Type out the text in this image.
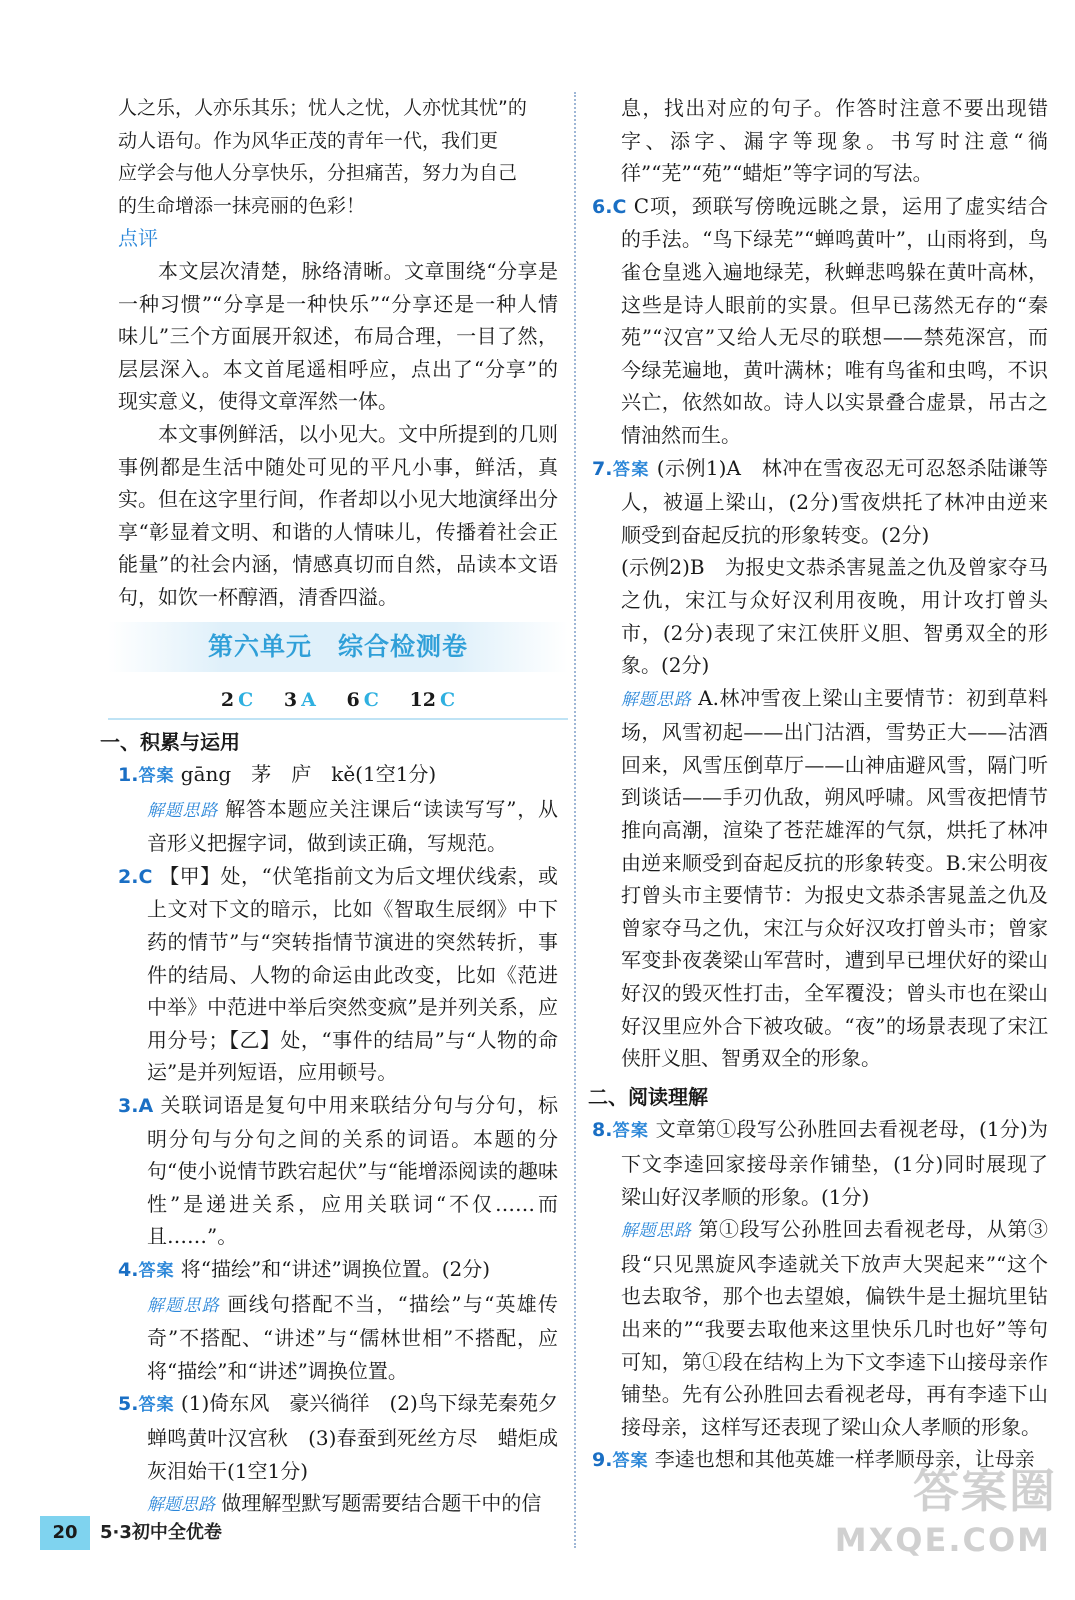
人之乐，人亦乐其乐；忧人之忧，人亦忧其忧”的

动人语句。作为风华正茂的青年一代，我们更

应学会与他人分享快乐，分担痛苦，努力为自己

的生命增添一抹亮丽的色彩！

点评

本文层次清楚，脉络清晰。文章围绕“分享是一种习惯”“分享是一种快乐”“分享还是一种人情味儿”三个方面展开叙述，布局合理，一目了然，层层深入。本文首尾遥相呼应，点出了“分享”的现实意义，使得文章浑然一体。

本文事例鲜活，以小见大。文中所提到的几则事例都是生活中随处可见的平凡小事，鲜活，真实。但在这字里行间，作者却以小见大地演绎出分享“彰显着文明、和谐的人情味儿，传播着社会正能量”的社会内涵，情感真切而自然，品读本文语句，如饮一杯醇酒，清香四溢。

第六单元　综合检测卷
2 C 3 A 6 C 12 C
一、积累与运用

1.答案 gāng　茅　庐　kě(1空1分)

解题思路 解答本题应关注课后“读读写写”，从音形义把握字词，做到读正确，写规范。

2.C 【甲】处，“伏笔指前文为后文埋伏线索，或上文对下文的暗示，比如《智取生辰纲》中下药的情节”与“突转指情节演进的突然转折，事件的结局、人物的命运由此改变，比如《范进中举》中范进中举后突然变疯”是并列关系，应用分号；【乙】处，“事件的结局”与“人物的命运”是并列短语，应用顿号。

3.A 关联词语是复句中用来联结分句与分句，标明分句与分句之间的关系的词语。本题的分句“使小说情节跌宕起伏”与“能增添阅读的趣味性”是递进关系，应用关联词“不仅……而且……”。

4.答案 将“描绘”和“讲述”调换位置。(2分)

解题思路 画线句搭配不当，“描绘”与“英雄传奇”不搭配、“讲述”与“儒林世相”不搭配，应将“描绘”和“讲述”调换位置。

5.答案 (1)倚东风　豪兴徜徉　(2)鸟下绿芜秦苑夕　蝉鸣黄叶汉宫秋　(3)春蚕到死丝方尽　蜡炬成灰泪始干(1空1分)

解题思路 做理解型默写题需要结合题干中的信

息，找出对应的句子。作答时注意不要出现错字、添字、漏字等现象。书写时注意“徜徉”“芜”“苑”“蜡炬”等字词的写法。

6.C C项，颈联写傍晚远眺之景，运用了虚实结合的手法。“鸟下绿芜”“蝉鸣黄叶”，山雨将到，鸟雀仓皇逃入遍地绿芜，秋蝉悲鸣躲在黄叶高林，这些是诗人眼前的实景。但早已荡然无存的“秦苑”“汉宫”又给人无尽的联想——禁苑深宫，而今绿芜遍地，黄叶满林；唯有鸟雀和虫鸣，不识兴亡，依然如故。诗人以实景叠合虚景，吊古之情油然而生。

7.答案 (示例1)A　林冲在雪夜忍无可忍怒杀陆谦等人，被逼上梁山，(2分)雪夜烘托了林冲由逆来顺受到奋起反抗的形象转变。(2分)

(示例2)B　为报史文恭杀害晁盖之仇及曾家夺马之仇，宋江与众好汉利用夜晚，用计攻打曾头市，(2分)表现了宋江侠肝义胆、智勇双全的形象。(2分)

解题思路 A.林冲雪夜上梁山主要情节：初到草料场，风雪初起——出门沽酒，雪势正大——沽酒回来，风雪压倒草厅——山神庙避风雪，隔门听到谈话——手刃仇敌，朔风呼啸。风雪夜把情节推向高潮，渲染了苍茫雄浑的气氛，烘托了林冲由逆来顺受到奋起反抗的形象转变。B.宋公明夜打曾头市主要情节：为报史文恭杀害晁盖之仇及曾家夺马之仇，宋江与众好汉攻打曾头市；曾家军变卦夜袭梁山军营时，遭到早已埋伏好的梁山好汉的毁灭性打击，全军覆没；曾头市也在梁山好汉里应外合下被攻破。“夜”的场景表现了宋江侠肝义胆、智勇双全的形象。

二、阅读理解

8.答案 文章第①段写公孙胜回去看视老母，(1分)为下文李逵回家接母亲作铺垫，(1分)同时展现了梁山好汉孝顺的形象。(1分)

解题思路 第①段写公孙胜回去看视老母，从第③段“只见黑旋风李逵就关下放声大哭起来”“这个也去取爷，那个也去望娘，偏铁牛是土掘坑里钻出来的”“我要去取他来这里快乐几时也好”等句可知，第①段在结构上为下文李逵下山接母亲作铺垫。先有公孙胜回去看视老母，再有李逵下山接母亲，这样写还表现了梁山众人孝顺的形象。

9.答案 李逵也想和其他英雄一样孝顺母亲，让母亲

20	5·3初中全优卷
答案圈
MXQE.COM
